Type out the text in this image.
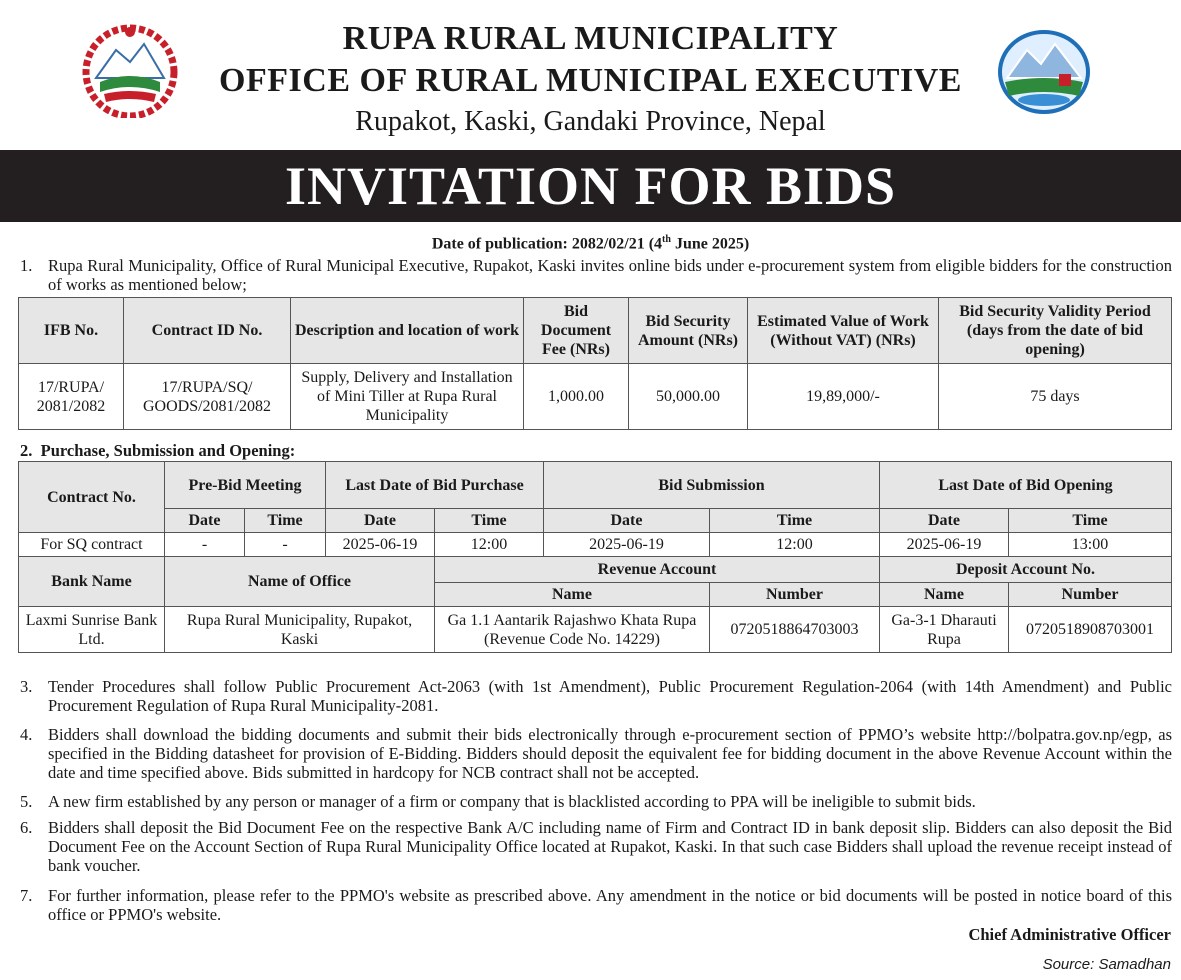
RUPA RURAL MUNICIPALITY
OFFICE OF RURAL MUNICIPAL EXECUTIVE
Rupakot, Kaski, Gandaki Province, Nepal
INVITATION FOR BIDS
Date of publication: 2082/02/21 (4th June 2025)
1. Rupa Rural Municipality, Office of Rural Municipal Executive, Rupakot, Kaski invites online bids under e-procurement system from eligible bidders for the construction of works as mentioned below;
IFB No.	Contract ID No.	Description and location of work	Bid Document Fee (NRs)	Bid Security Amount (NRs)	Estimated Value of Work (Without VAT) (NRs)	Bid Security Validity Period (days from the date of bid opening)
17/RUPA/ 2081/2082	17/RUPA/SQ/ GOODS/2081/2082	Supply, Delivery and Installation of Mini Tiller at Rupa Rural Municipality	1,000.00	50,000.00	19,89,000/-	75 days
2. Purchase, Submission and Opening:
Contract No.	Pre-Bid Meeting		Last Date of Bid Purchase		Bid Submission		Last Date of Bid Opening	
	Date	Time	Date	Time	Date	Time	Date	Time
For SQ contract	-	-	2025-06-19	12:00	2025-06-19	12:00	2025-06-19	13:00
Bank Name	Name of Office			Revenue Account			Deposit Account No.	
				Name		Number	Name	Number
Laxmi Sunrise Bank Ltd.	Rupa Rural Municipality, Rupakot, Kaski			Ga 1.1 Aantarik Rajashwo Khata Rupa (Revenue Code No. 14229)		0720518864703003	Ga-3-1 Dharauti Rupa	0720518908703001
3. Tender Procedures shall follow Public Procurement Act-2063 (with 1st Amendment), Public Procurement Regulation-2064 (with 14th Amendment) and Public Procurement Regulation of Rupa Rural Municipality-2081.
4. Bidders shall download the bidding documents and submit their bids electronically through e-procurement section of PPMO’s website http://bolpatra.gov.np/egp, as specified in the Bidding datasheet for provision of E-Bidding. Bidders should deposit the equivalent fee for bidding document in the above Revenue Account within the date and time specified above. Bids submitted in hardcopy for NCB contract shall not be accepted.
5. A new firm established by any person or manager of a firm or company that is blacklisted according to PPA will be ineligible to submit bids.
6. Bidders shall deposit the Bid Document Fee on the respective Bank A/C including name of Firm and Contract ID in bank deposit slip. Bidders can also deposit the Bid Document Fee on the Account Section of Rupa Rural Municipality Office located at Rupakot, Kaski. In that such case Bidders shall upload the revenue receipt instead of bank voucher.
7. For further information, please refer to the PPMO's website as prescribed above. Any amendment in the notice or bid documents will be posted in notice board of this office or PPMO's website.
Chief Administrative Officer
Source: Samadhan
